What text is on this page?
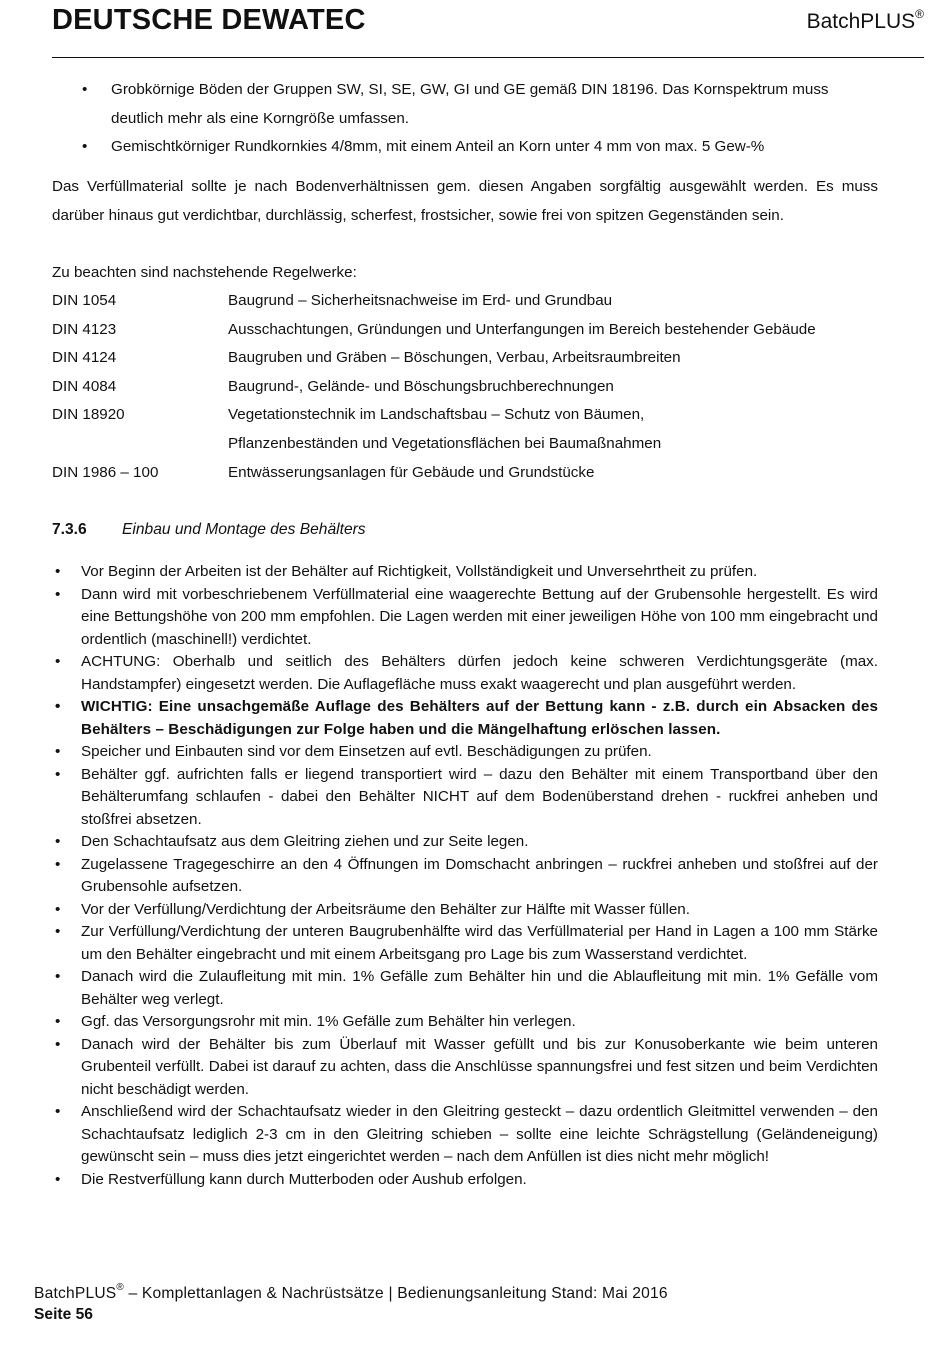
DEUTSCHE DEWATEC	BatchPLUS®
• Grobkörnige Böden der Gruppen SW, SI, SE, GW, GI und GE gemäß DIN 18196. Das Kornspektrum muss deutlich mehr als eine Korngröße umfassen.
• Gemischtkörniger Rundkornkies 4/8mm, mit einem Anteil an Korn unter 4 mm von max. 5 Gew-%

Das Verfüllmaterial sollte je nach Bodenverhältnissen gem. diesen Angaben sorgfältig ausgewählt werden. Es muss darüber hinaus gut verdichtbar, durchlässig, scherfest, frostsicher, sowie frei von spitzen Gegenständen sein.

Zu beachten sind nachstehende Regelwerke:

DIN 1054	Baugrund – Sicherheitsnachweise im Erd- und Grundbau
DIN 4123	Ausschachtungen, Gründungen und Unterfangungen im Bereich bestehender Gebäude
DIN 4124	Baugruben und Gräben – Böschungen, Verbau, Arbeitsraumbreiten
DIN 4084	Baugrund-, Gelände- und Böschungsbruchberechnungen
DIN 18920	Vegetationstechnik im Landschaftsbau – Schutz von Bäumen, Pflanzenbeständen und Vegetationsflächen bei Baumaßnahmen
DIN 1986 – 100	Entwässerungsanlagen für Gebäude und Grundstücke
7.3.6 Einbau und Montage des Behälters
• Vor Beginn der Arbeiten ist der Behälter auf Richtigkeit, Vollständigkeit und Unversehrtheit zu prüfen.
• Dann wird mit vorbeschriebenem Verfüllmaterial eine waagerechte Bettung auf der Grubensohle hergestellt. Es wird eine Bettungshöhe von 200 mm empfohlen. Die Lagen werden mit einer jeweiligen Höhe von 100 mm eingebracht und ordentlich (maschinell!) verdichtet.
• ACHTUNG: Oberhalb und seitlich des Behälters dürfen jedoch keine schweren Verdichtungsgeräte (max. Handstampfer) eingesetzt werden. Die Auflagefläche muss exakt waagerecht und plan ausgeführt werden.
• WICHTIG: Eine unsachgemäße Auflage des Behälters auf der Bettung kann - z.B. durch ein Absacken des Behälters – Beschädigungen zur Folge haben und die Mängelhaftung erlöschen lassen.
• Speicher und Einbauten sind vor dem Einsetzen auf evtl. Beschädigungen zu prüfen.
• Behälter ggf. aufrichten falls er liegend transportiert wird – dazu den Behälter mit einem Transportband über den Behälterumfang schlaufen - dabei den Behälter NICHT auf dem Bodenüberstand drehen - ruckfrei anheben und stoßfrei absetzen.
• Den Schachtaufsatz aus dem Gleitring ziehen und zur Seite legen.
• Zugelassene Tragegeschirre an den 4 Öffnungen im Domschacht anbringen – ruckfrei anheben und stoßfrei auf der Grubensohle aufsetzen.
• Vor der Verfüllung/Verdichtung der Arbeitsräume den Behälter zur Hälfte mit Wasser füllen.
• Zur Verfüllung/Verdichtung der unteren Baugrubenhälfte wird das Verfüllmaterial per Hand in Lagen a 100 mm Stärke um den Behälter eingebracht und mit einem Arbeitsgang pro Lage bis zum Wasserstand verdichtet.
• Danach wird die Zulaufleitung mit min. 1% Gefälle zum Behälter hin und die Ablaufleitung mit min. 1% Gefälle vom Behälter weg verlegt.
• Ggf. das Versorgungsrohr mit min. 1% Gefälle zum Behälter hin verlegen.
• Danach wird der Behälter bis zum Überlauf mit Wasser gefüllt und bis zur Konusoberkante wie beim unteren Grubenteil verfüllt. Dabei ist darauf zu achten, dass die Anschlüsse spannungsfrei und fest sitzen und beim Verdichten nicht beschädigt werden.
• Anschließend wird der Schachtaufsatz wieder in den Gleitring gesteckt – dazu ordentlich Gleitmittel verwenden – den Schachtaufsatz lediglich 2-3 cm in den Gleitring schieben – sollte eine leichte Schrägstellung (Geländeneigung) gewünscht sein – muss dies jetzt eingerichtet werden – nach dem Anfüllen ist dies nicht mehr möglich!
• Die Restverfüllung kann durch Mutterboden oder Aushub erfolgen.
BatchPLUS® – Komplettanlagen & Nachrüstsätze | Bedienungsanleitung Stand: Mai 2016
Seite 56
